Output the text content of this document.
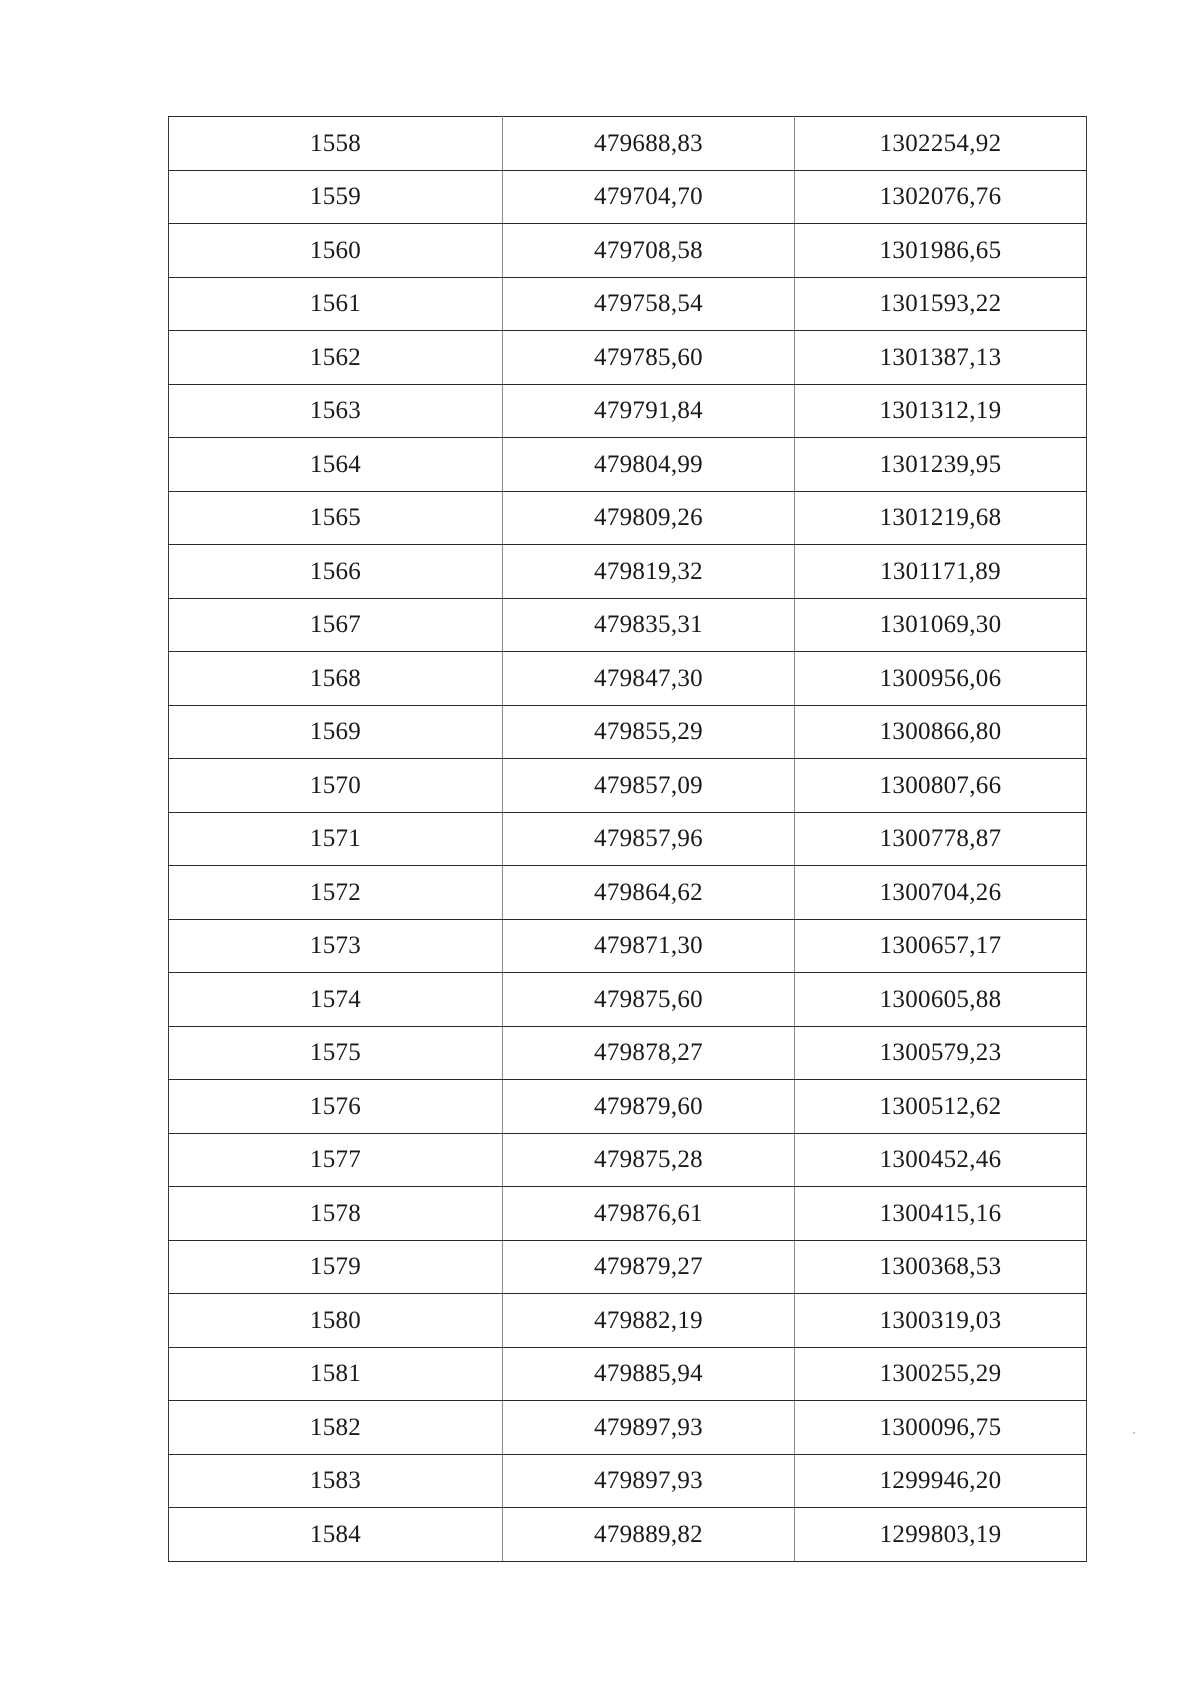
1558	479688,83	1302254,92
1559	479704,70	1302076,76
1560	479708,58	1301986,65
1561	479758,54	1301593,22
1562	479785,60	1301387,13
1563	479791,84	1301312,19
1564	479804,99	1301239,95
1565	479809,26	1301219,68
1566	479819,32	1301171,89
1567	479835,31	1301069,30
1568	479847,30	1300956,06
1569	479855,29	1300866,80
1570	479857,09	1300807,66
1571	479857,96	1300778,87
1572	479864,62	1300704,26
1573	479871,30	1300657,17
1574	479875,60	1300605,88
1575	479878,27	1300579,23
1576	479879,60	1300512,62
1577	479875,28	1300452,46
1578	479876,61	1300415,16
1579	479879,27	1300368,53
1580	479882,19	1300319,03
1581	479885,94	1300255,29
1582	479897,93	1300096,75
1583	479897,93	1299946,20
1584	479889,82	1299803,19
